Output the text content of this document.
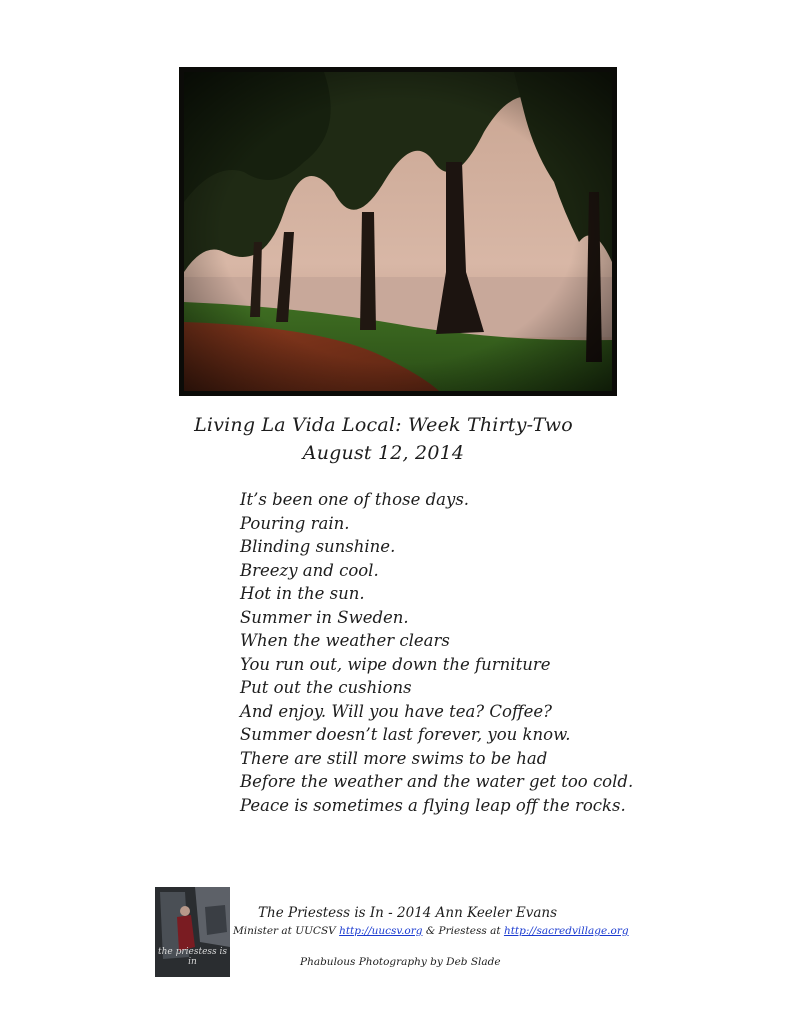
Living La Vida Local: Week Thirty-Two
August 12, 2014
It’s been one of those days.
Pouring rain.
Blinding sunshine.
Breezy and cool.
Hot in the sun.
Summer in Sweden.
When the weather clears
You run out, wipe down the furniture
Put out the cushions
And enjoy. Will you have tea? Coffee?
Summer doesn’t last forever, you know.
There are still more swims to be had
Before the weather and the water get too cold.
Peace is sometimes a flying leap off the rocks.
the priestess is in
The Priestess is In - 2014 Ann Keeler Evans
Minister at UUCSV http://uucsv.org & Priestess at http://sacredvillage.org
Phabulous Photography by Deb Slade
